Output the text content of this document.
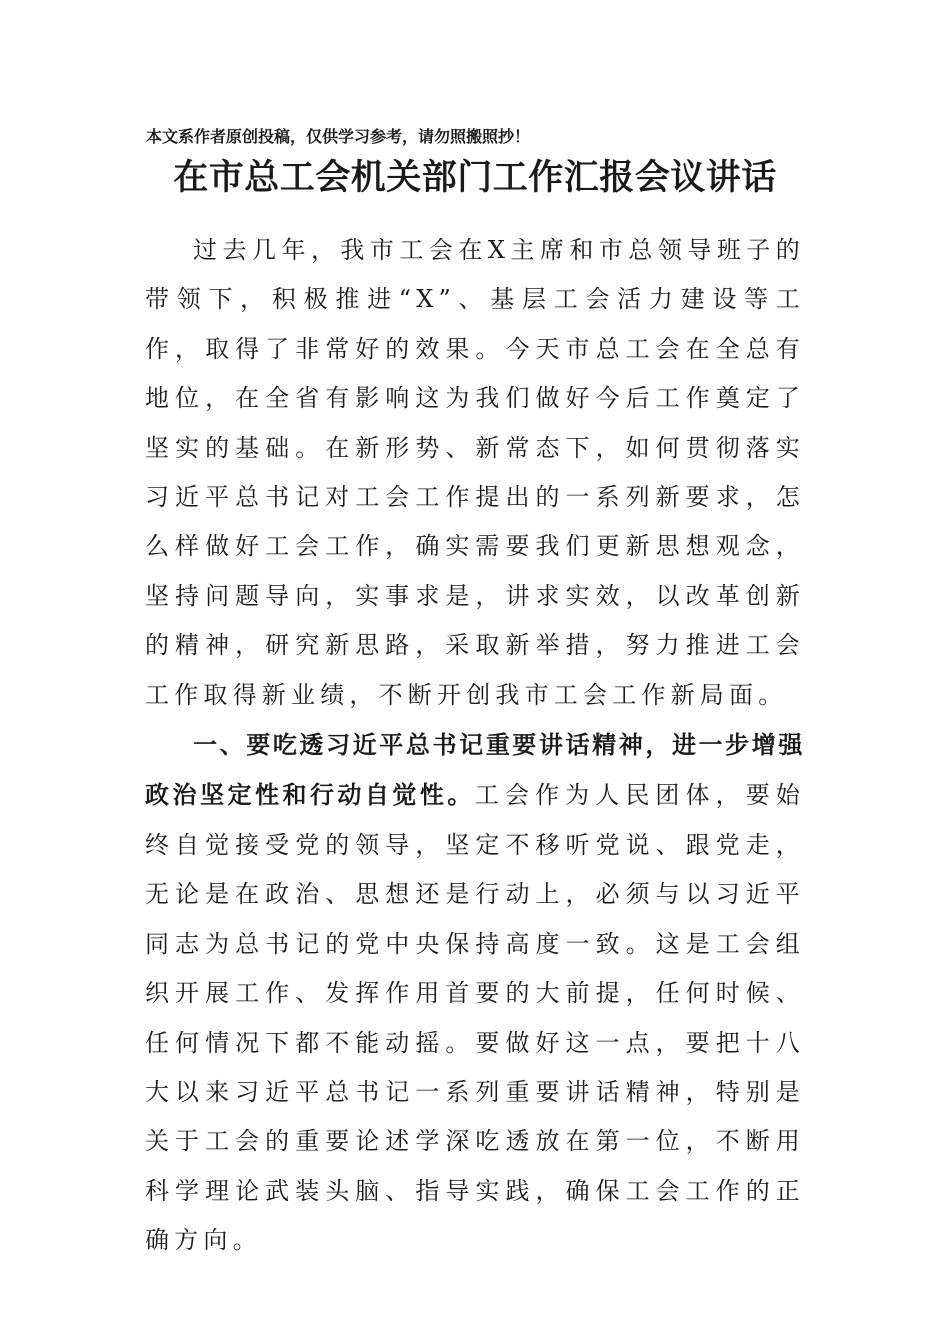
本文系作者原创投稿，仅供学习参考，请勿照搬照抄！
在市总工会机关部门工作汇报会议讲话

过去几年，我市工会在X主席和市总领导班子的带领下，积极推进“X”、基层工会活力建设等工作，取得了非常好的效果。今天市总工会在全总有地位，在全省有影响这为我们做好今后工作奠定了坚实的基础。在新形势、新常态下，如何贯彻落实习近平总书记对工会工作提出的一系列新要求，怎么样做好工会工作，确实需要我们更新思想观念，坚持问题导向，实事求是，讲求实效，以改革创新的精神，研究新思路，采取新举措，努力推进工会工作取得新业绩，不断开创我市工会工作新局面。

一、要吃透习近平总书记重要讲话精神，进一步增强政治坚定性和行动自觉性。工会作为人民团体，要始终自觉接受党的领导，坚定不移听党说、跟党走，无论是在政治、思想还是行动上，必须与以习近平同志为总书记的党中央保持高度一致。这是工会组织开展工作、发挥作用首要的大前提，任何时候、任何情况下都不能动摇。要做好这一点，要把十八大以来习近平总书记一系列重要讲话精神，特别是关于工会的重要论述学深吃透放在第一位，不断用科学理论武装头脑、指导实践，确保工会工作的正确方向。
